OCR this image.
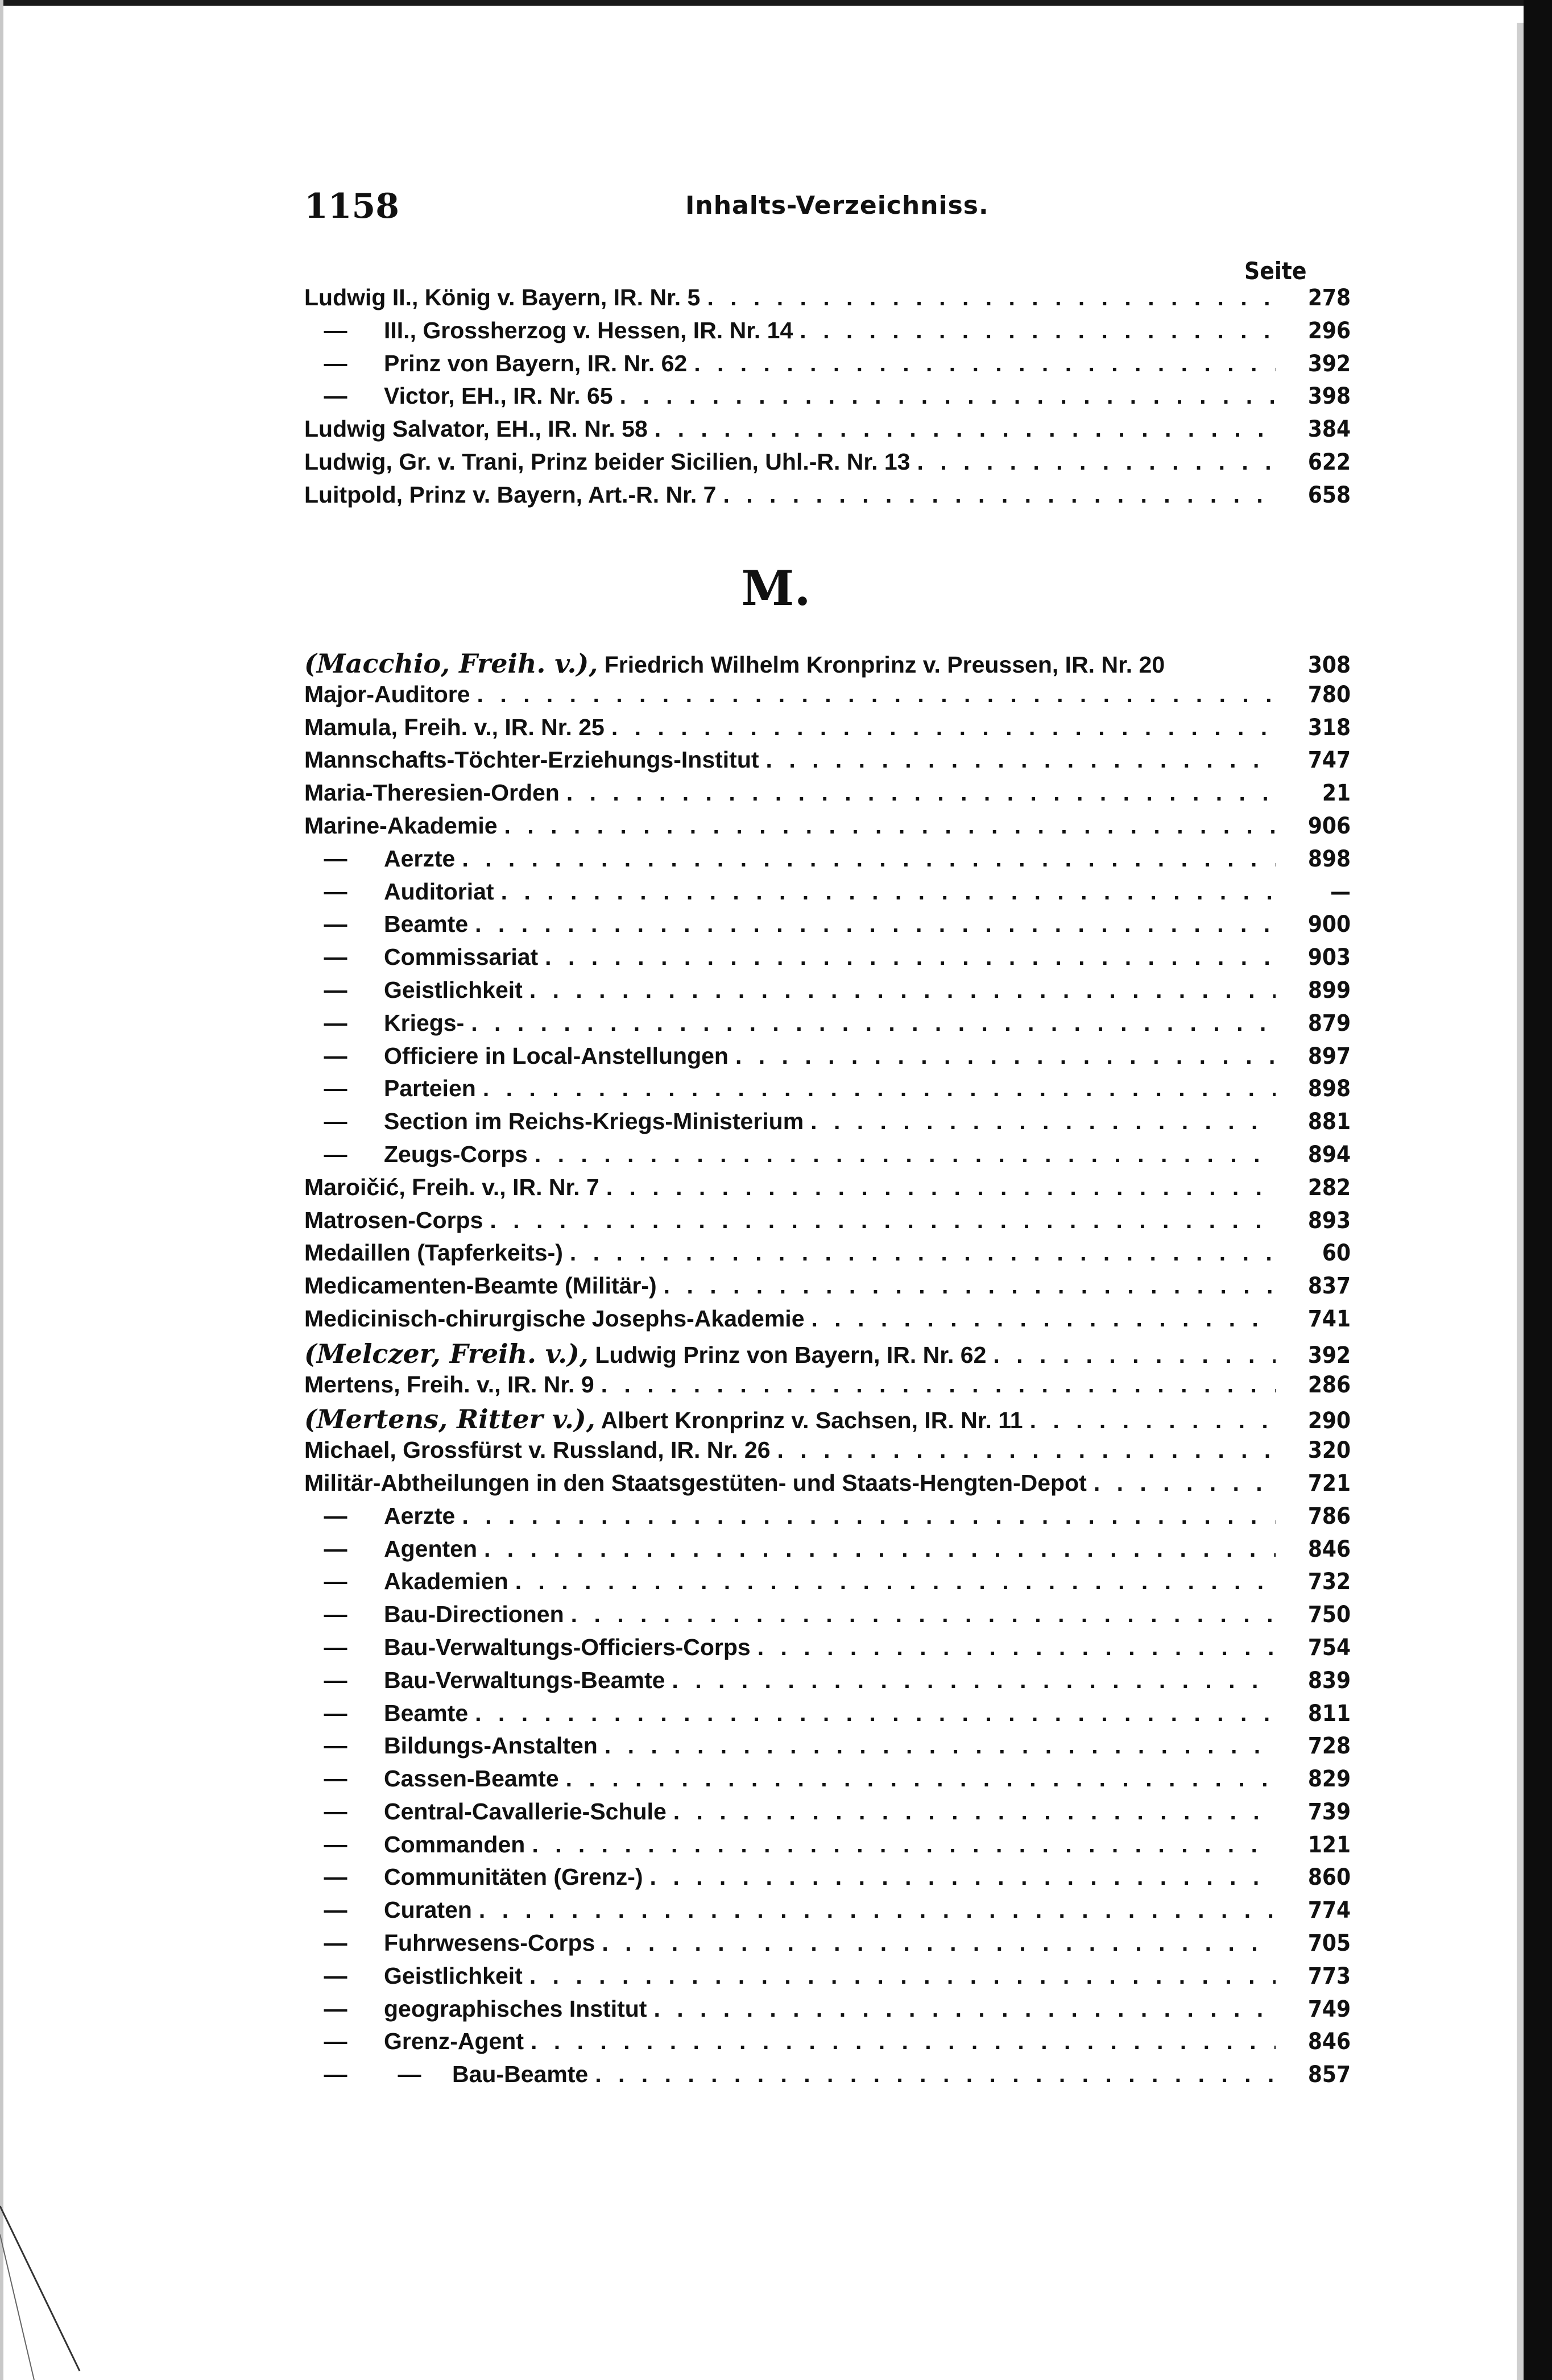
1158	Inhalts-Verzeichniss.
Seite
Ludwig II., König v. Bayern, IR. Nr. 5 . . .	278
—	III., Grossherzog v. Hessen, IR. Nr. 14 . . .	296
—	Prinz von Bayern, IR. Nr. 62 . . .	392
—	Victor, EH., IR. Nr. 65 . . .	398
Ludwig Salvator, EH., IR. Nr. 58 . . .	384
Ludwig, Gr. v. Trani, Prinz beider Sicilien, Uhl.-R. Nr. 13 . . .	622
Luitpold, Prinz v. Bayern, Art.-R. Nr. 7 . . .	658
M.
(Macchio, Freih. v.), Friedrich Wilhelm Kronprinz v. Preussen, IR. Nr. 20	308
Major-Auditore . . .	780
Mamula, Freih. v., IR. Nr. 25 . . .	318
Mannschafts-Töchter-Erziehungs-Institut . . .	747
Maria-Theresien-Orden . . .	21
Marine-Akademie . . .	906
—	Aerzte . . .	898
—	Auditoriat . . .	—
—	Beamte . . .	900
—	Commissariat . . .	903
—	Geistlichkeit . . .	899
—	Kriegs- . . .	879
—	Officiere in Local-Anstellungen . . .	897
—	Parteien . . .	898
—	Section im Reichs-Kriegs-Ministerium . . .	881
—	Zeugs-Corps . . .	894
Maroičić, Freih. v., IR. Nr. 7 . . .	282
Matrosen-Corps . . .	893
Medaillen (Tapferkeits-) . . .	60
Medicamenten-Beamte (Militär-) . . .	837
Medicinisch-chirurgische Josephs-Akademie . . .	741
(Melczer, Freih. v.), Ludwig Prinz von Bayern, IR. Nr. 62 . . .	392
Mertens, Freih. v., IR. Nr. 9 . . .	286
(Mertens, Ritter v.), Albert Kronprinz v. Sachsen, IR. Nr. 11 . . .	290
Michael, Grossfürst v. Russland, IR. Nr. 26 . . .	320
Militär-Abtheilungen in den Staatsgestüten- und Staats-Hengten-Depot . . .	721
—	Aerzte . . .	786
—	Agenten . . .	846
—	Akademien . . .	732
—	Bau-Directionen . . .	750
—	Bau-Verwaltungs-Officiers-Corps . . .	754
—	Bau-Verwaltungs-Beamte . . .	839
—	Beamte . . .	811
—	Bildungs-Anstalten . . .	728
—	Cassen-Beamte . . .	829
—	Central-Cavallerie-Schule . . .	739
—	Commanden . . .	121
—	Communitäten (Grenz-) . . .	860
—	Curaten . . .	774
—	Fuhrwesens-Corps . . .	705
—	Geistlichkeit . . .	773
—	geographisches Institut . . .	749
—	Grenz-Agent . . .	846
—	—	Bau-Beamte . . .	857
